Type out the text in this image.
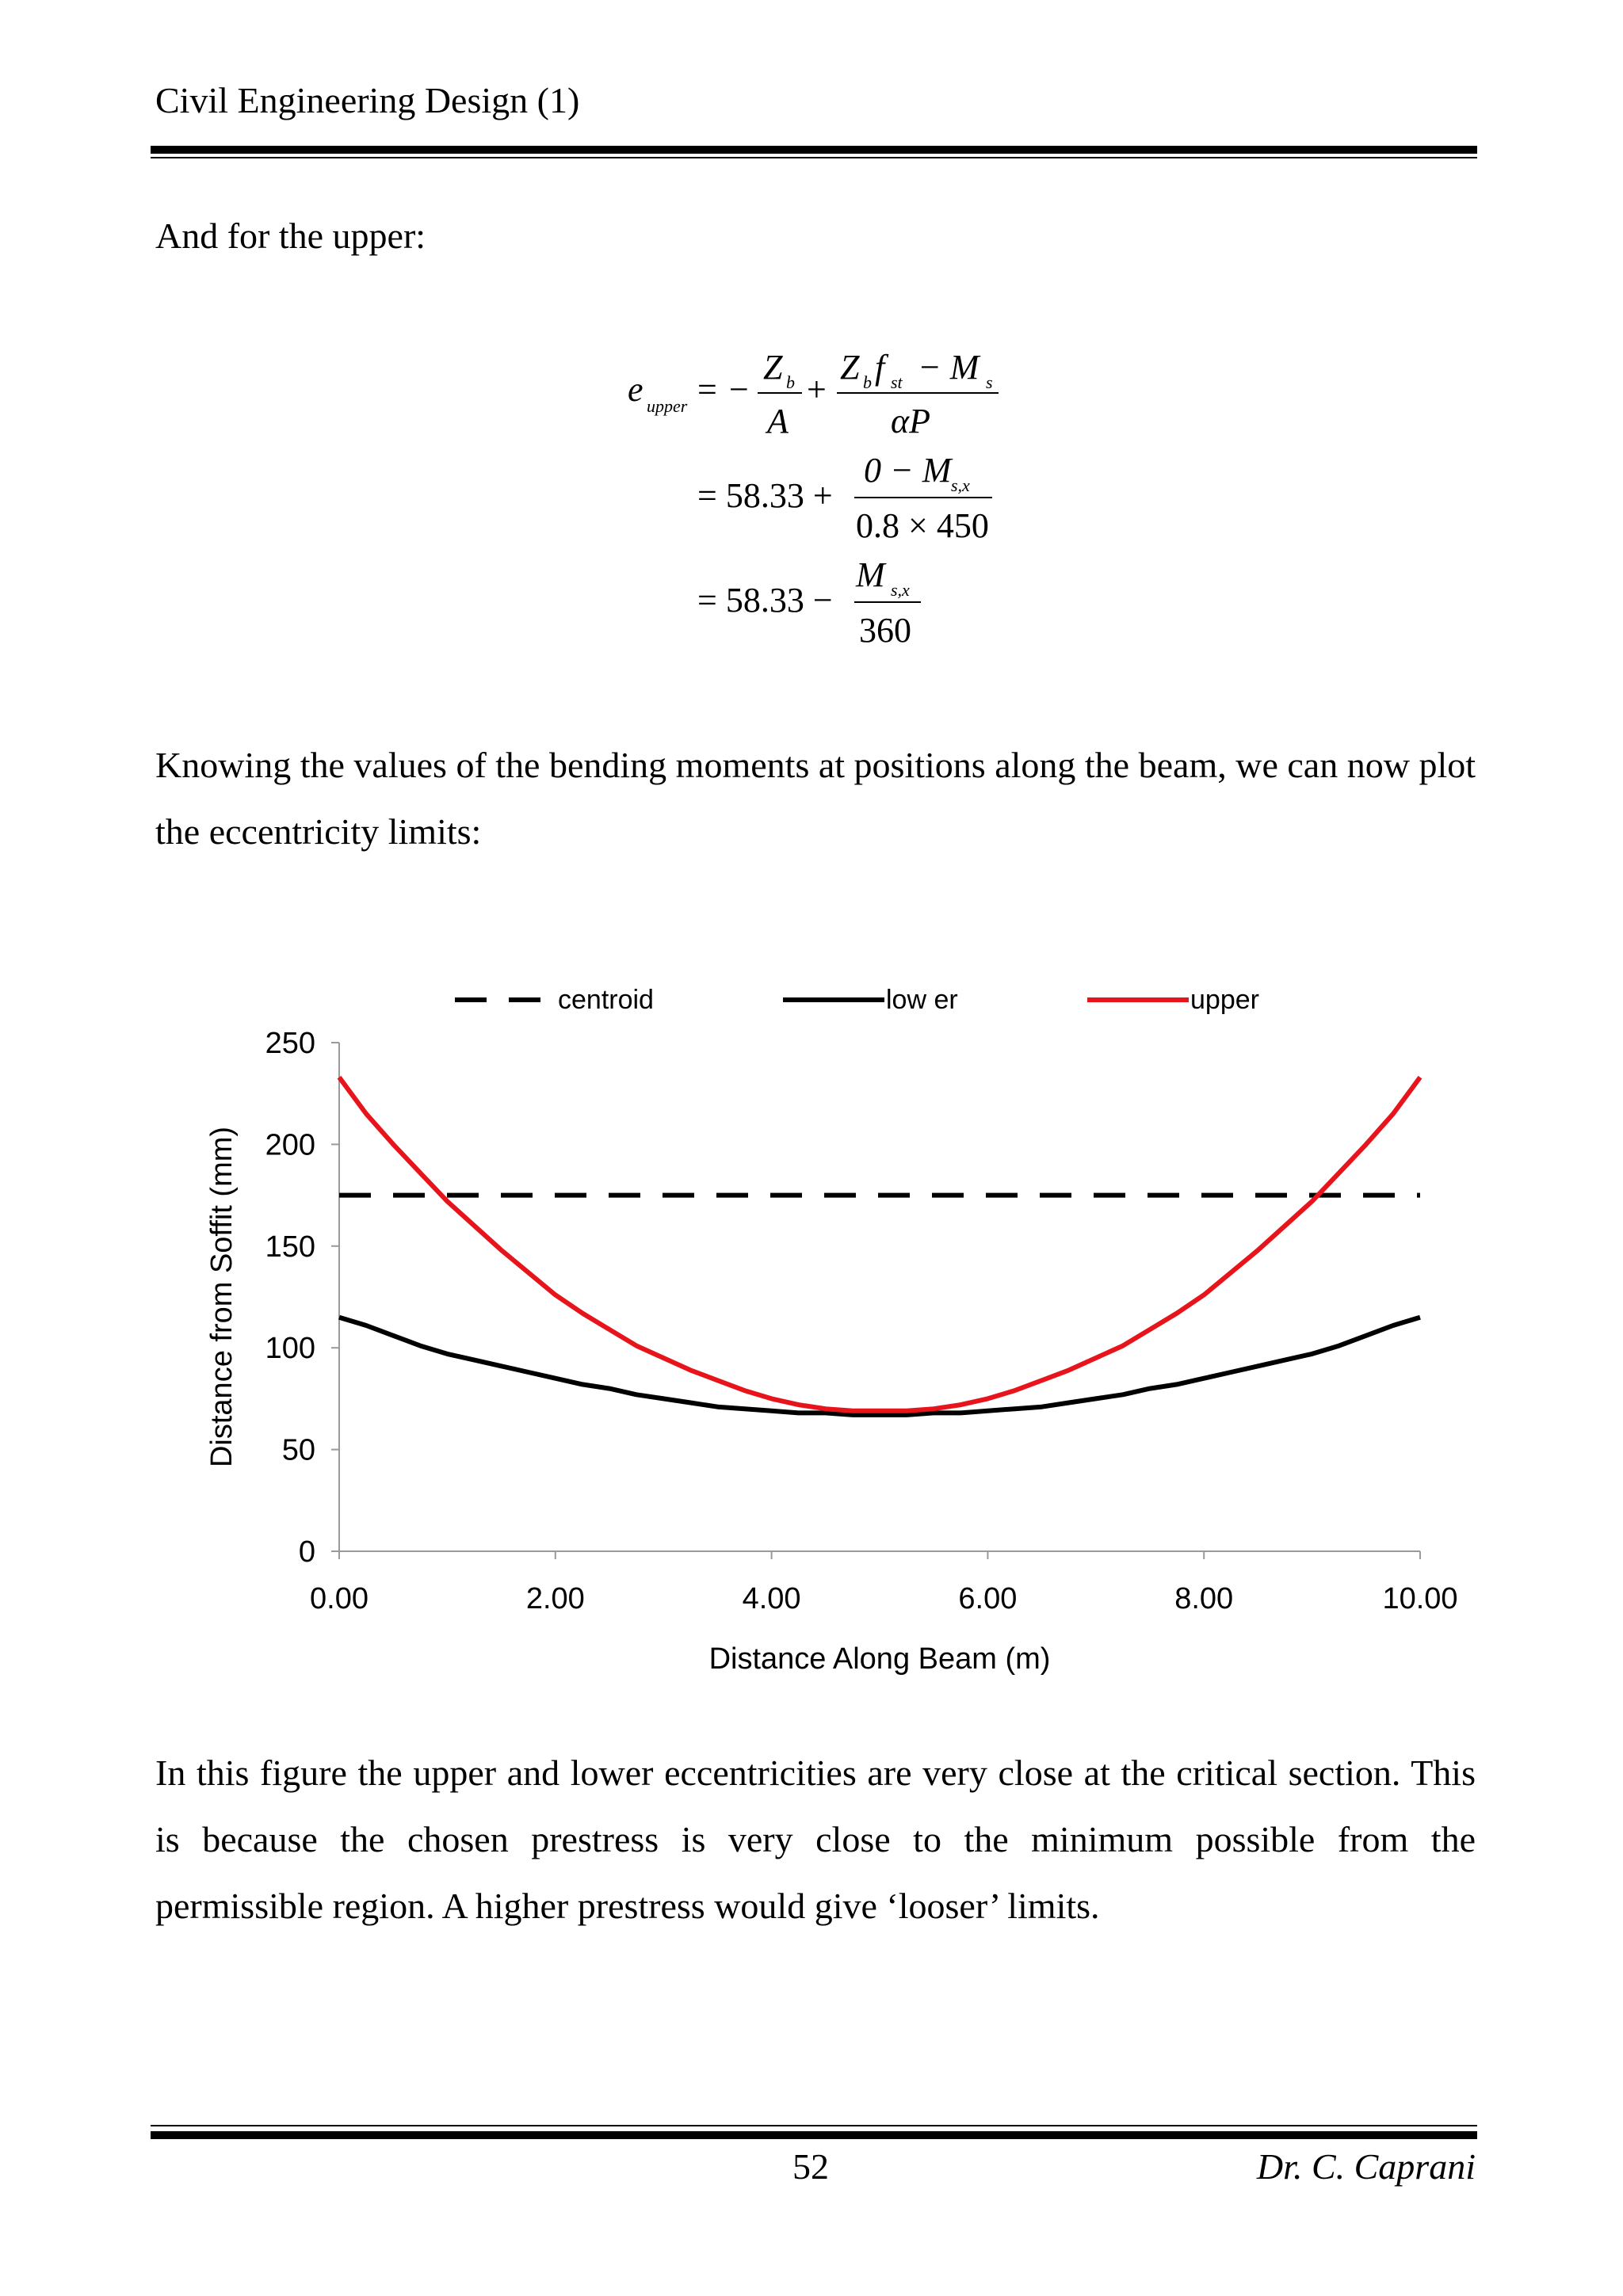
Civil Engineering Design (1)
And for the upper:
e upper = −
Z b
A
+
Z b f st − M s
αP
= 58.33 +
0 − M s,x
0.8 × 450
= 58.33 −
M s,x
360
Knowing the values of the bending moments at positions along the beam, we can now plot the eccentricity limits:
centroid	low er	upper
0
50
100
150
200
250
0.00	2.00	4.00	6.00	8.00	10.00
Distance from Soffit (mm)
Distance Along Beam (m)
In this figure the upper and lower eccentricities are very close at the critical section. This is because the chosen prestress is very close to the minimum possible from the permissible region. A higher prestress would give ‘looser’ limits.
52	Dr. C. Caprani
